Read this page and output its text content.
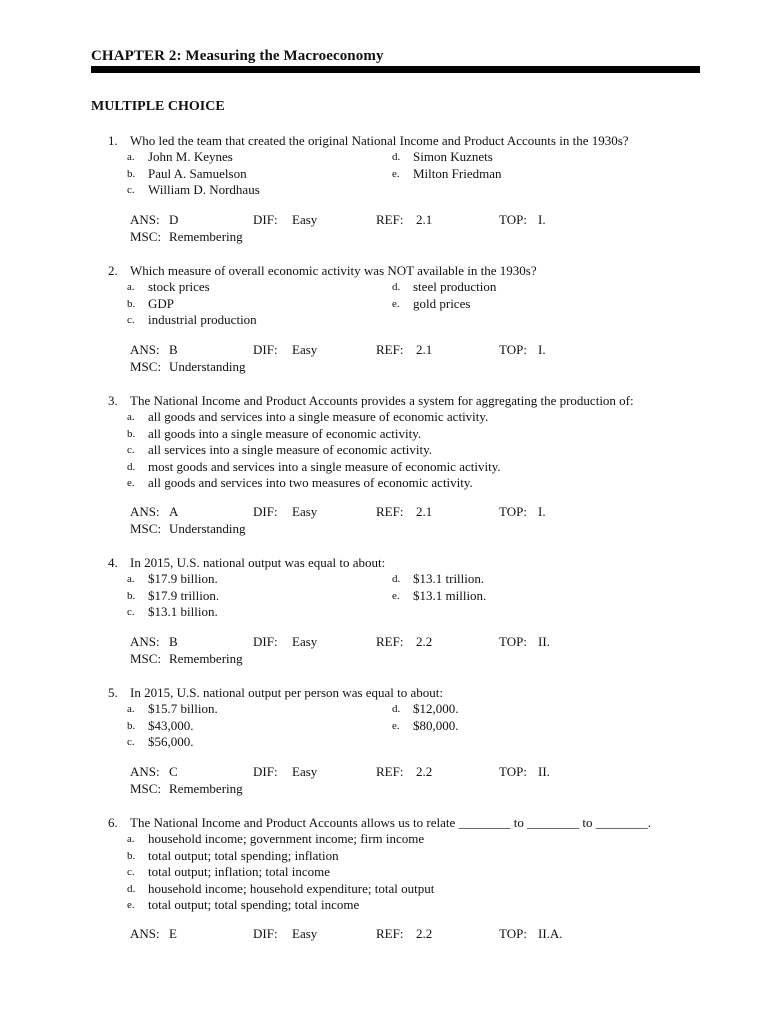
CHAPTER 2: Measuring the Macroeconomy
MULTIPLE CHOICE
1. Who led the team that created the original National Income and Product Accounts in the 1930s?
a. John M. Keynes
b. Paul A. Samuelson
c. William D. Nordhaus
d. Simon Kuznets
e. Milton Friedman
ANS: D	DIF: Easy	REF: 2.1	TOP: I.
MSC: Remembering
2. Which measure of overall economic activity was NOT available in the 1930s?
a. stock prices
b. GDP
c. industrial production
d. steel production
e. gold prices
ANS: B	DIF: Easy	REF: 2.1	TOP: I.
MSC: Understanding
3. The National Income and Product Accounts provides a system for aggregating the production of:
a. all goods and services into a single measure of economic activity.
b. all goods into a single measure of economic activity.
c. all services into a single measure of economic activity.
d. most goods and services into a single measure of economic activity.
e. all goods and services into two measures of economic activity.
ANS: A	DIF: Easy	REF: 2.1	TOP: I.
MSC: Understanding
4. In 2015, U.S. national output was equal to about:
a. $17.9 billion.
b. $17.9 trillion.
c. $13.1 billion.
d. $13.1 trillion.
e. $13.1 million.
ANS: B	DIF: Easy	REF: 2.2	TOP: II.
MSC: Remembering
5. In 2015, U.S. national output per person was equal to about:
a. $15.7 billion.
b. $43,000.
c. $56,000.
d. $12,000.
e. $80,000.
ANS: C	DIF: Easy	REF: 2.2	TOP: II.
MSC: Remembering
6. The National Income and Product Accounts allows us to relate ________ to ________ to ________.
a. household income; government income; firm income
b. total output; total spending; inflation
c. total output; inflation; total income
d. household income; household expenditure; total output
e. total output; total spending; total income
ANS: E	DIF: Easy	REF: 2.2	TOP: II.A.
